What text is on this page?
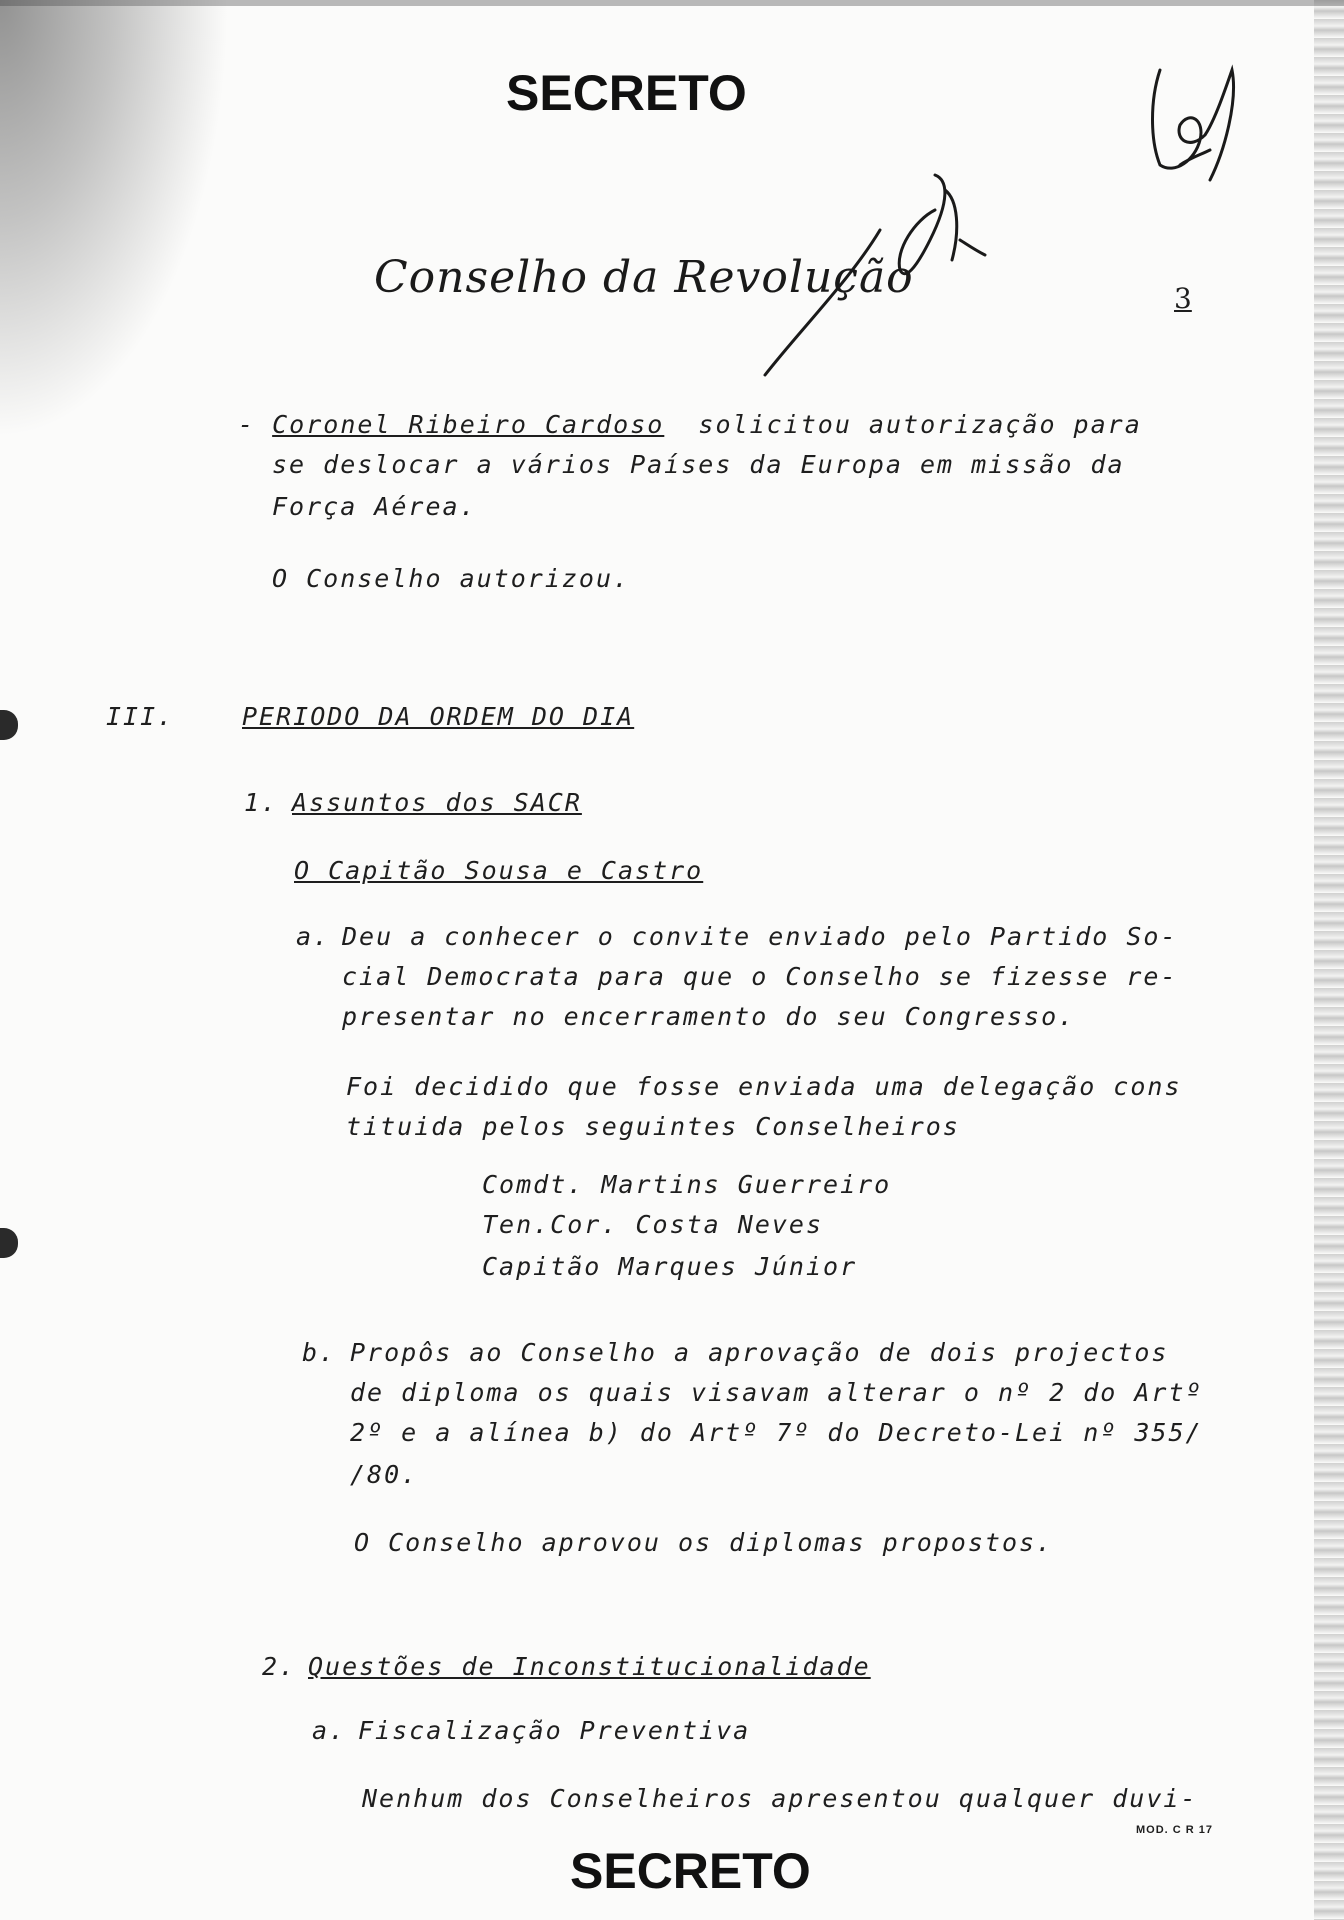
SECRETO
Conselho da Revolução	3
- Coronel Ribeiro Cardoso solicitou autorização para
se deslocar a vários Países da Europa em missão da
Força Aérea.
O Conselho autorizou.
III.	PERIODO DA ORDEM DO DIA
1. Assuntos dos SACR
O Capitão Sousa e Castro
a. Deu a conhecer o convite enviado pelo Partido So-
cial Democrata para que o Conselho se fizesse re-
presentar no encerramento do seu Congresso.
Foi decidido que fosse enviada uma delegação cons
tituida pelos seguintes Conselheiros
Comdt. Martins Guerreiro
Ten.Cor. Costa Neves
Capitão Marques Júnior
b. Propôs ao Conselho a aprovação de dois projectos
de diploma os quais visavam alterar o nº 2 do Artº
2º e a alínea b) do Artº 7º do Decreto-Lei nº 355/
/80.
O Conselho aprovou os diplomas propostos.
2. Questões de Inconstitucionalidade
a. Fiscalização Preventiva
Nenhum dos Conselheiros apresentou qualquer duvi-
MOD. C R 17
SECRETO
